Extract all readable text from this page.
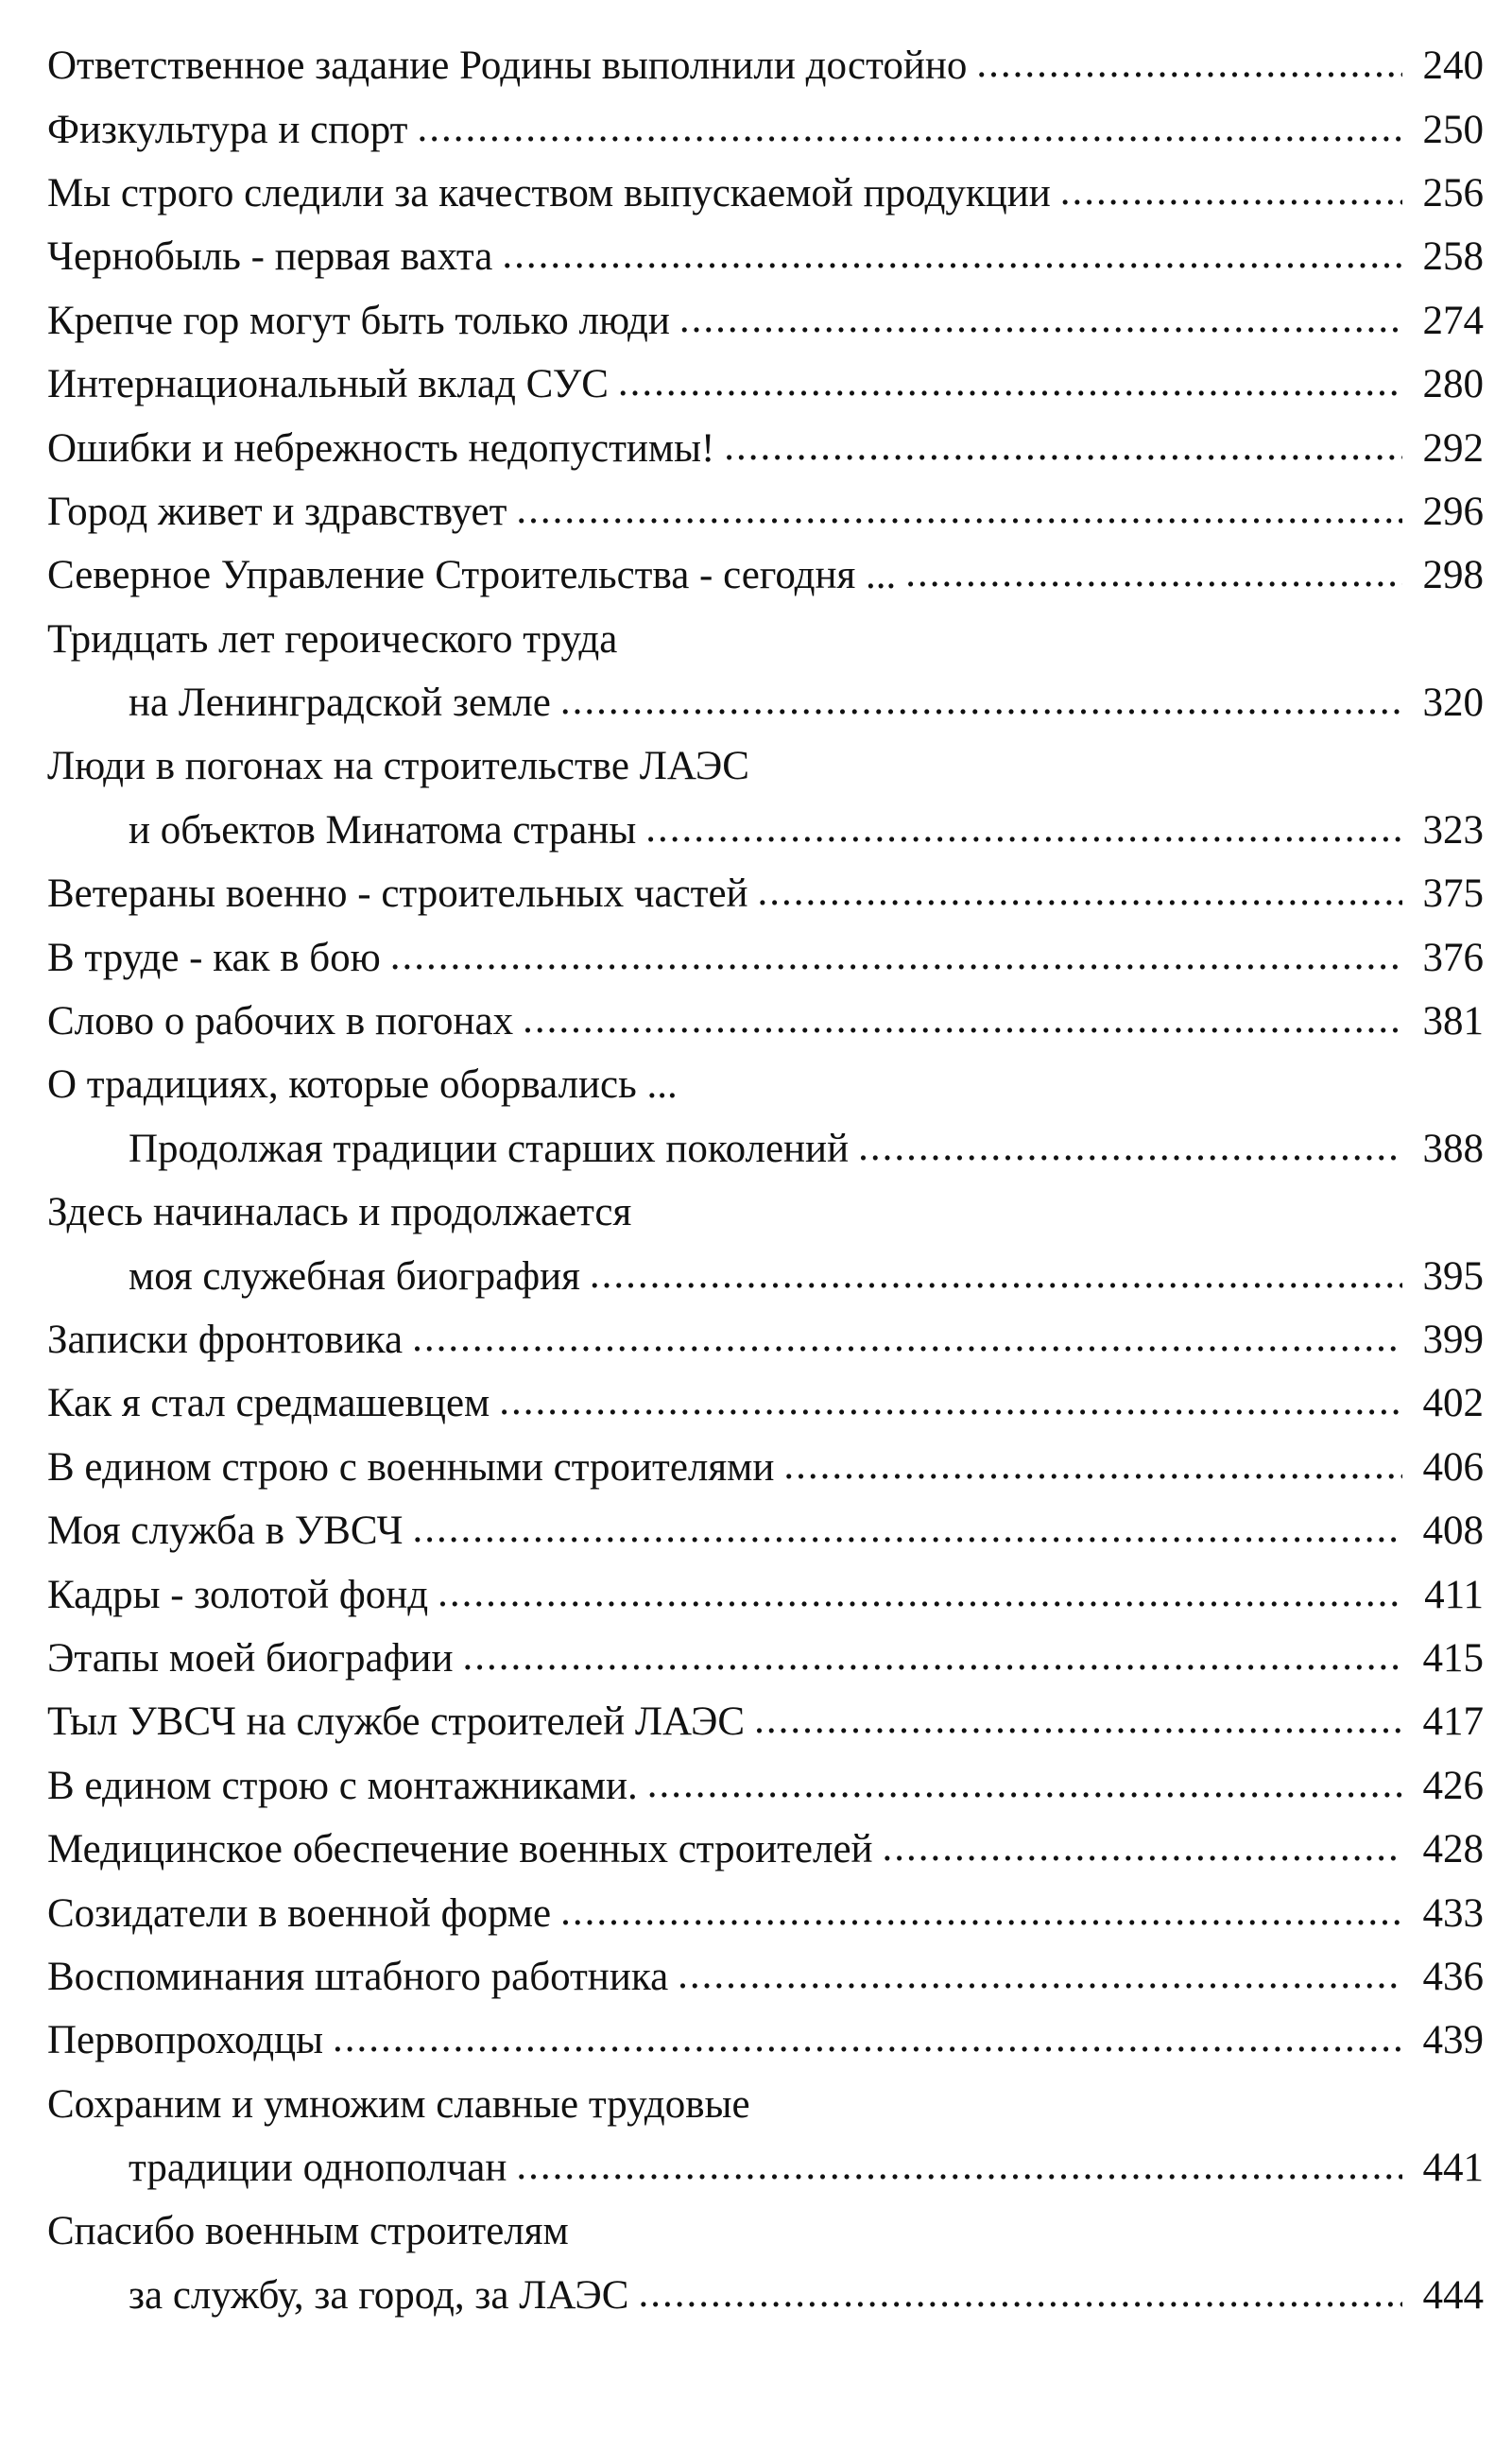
Ответственное задание Родины выполнили достойно .....	240
Физкультура и спорт .....	250
Мы строго следили за качеством выпускаемой продукции .....	256
Чернобыль - первая вахта .....	258
Крепче гор могут быть только люди .....	274
Интернациональный вклад СУС .....	280
Ошибки и небрежность недопустимы! .....	292
Город живет и здравствует .....	296
Северное Управление Строительства - сегодня ... .....	298
Тридцать лет героического труда
на Ленинградской земле .....	320
Люди в погонах на строительстве ЛАЭС
и объектов Минатома страны .....	323
Ветераны военно - строительных частей .....	375
В труде - как в бою .....	376
Слово о рабочих в погонах .....	381
О традициях, которые оборвались ...
Продолжая традиции старших поколений .....	388
Здесь начиналась и продолжается
моя служебная биография .....	395
Записки фронтовика .....	399
Как я стал средмашевцем .....	402
В едином строю с военными строителями .....	406
Моя служба в УВСЧ .....	408
Кадры - золотой фонд .....	411
Этапы моей биографии .....	415
Тыл УВСЧ на службе строителей ЛАЭС .....	417
В едином строю с монтажниками. .....	426
Медицинское обеспечение военных строителей .....	428
Созидатели в военной форме .....	433
Воспоминания штабного работника .....	436
Первопроходцы .....	439
Сохраним и умножим славные трудовые
традиции однополчан .....	441
Спасибо военным строителям
за службу, за город, за ЛАЭС .....	444
